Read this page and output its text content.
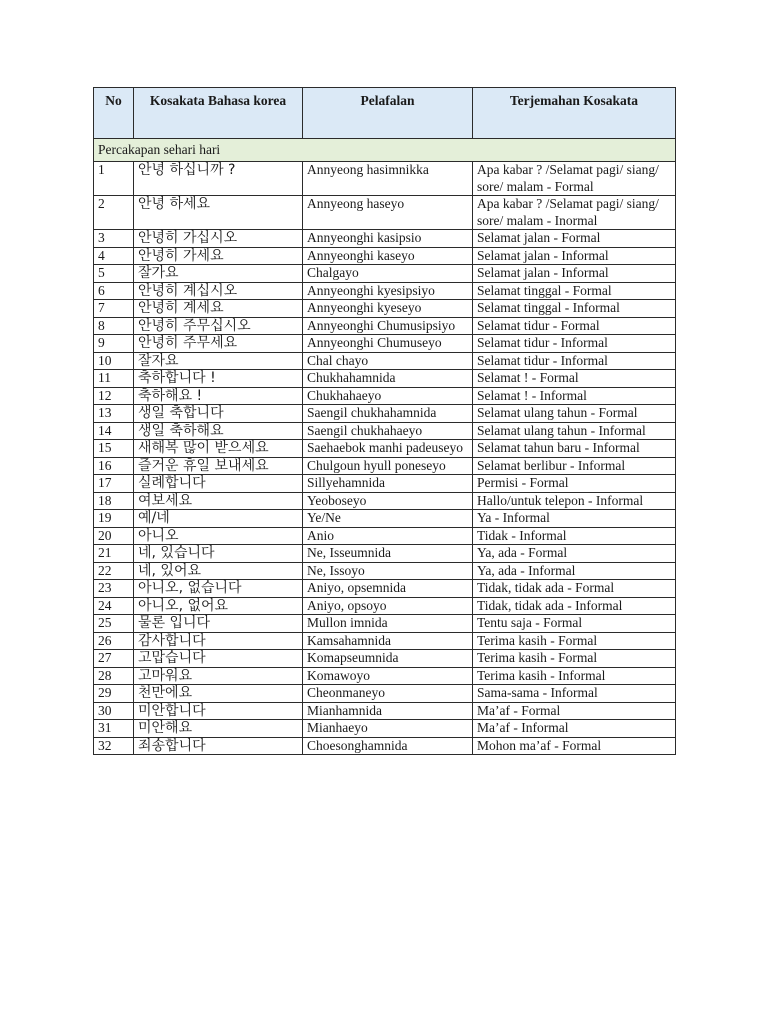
No	Kosakata Bahasa korea	Pelafalan	Terjemahan Kosakata
Percakapan sehari hari			
1	안녕 하십니까 ?	Annyeong hasimnikka	Apa kabar ? /Selamat pagi/ siang/ sore/ malam - Formal
2	안녕 하세요	Annyeong haseyo	Apa kabar ? /Selamat pagi/ siang/ sore/ malam - Inormal
3	안녕히 가십시오	Annyeonghi kasipsio	Selamat jalan - Formal
4	안녕히 가세요	Annyeonghi kaseyo	Selamat jalan - Informal
5	잘가요	Chalgayo	Selamat jalan - Informal
6	안녕히 계십시오	Annyeonghi kyesipsiyo	Selamat tinggal - Formal
7	안녕히 계세요	Annyeonghi kyeseyo	Selamat tinggal - Informal
8	안녕히 주무십시오	Annyeonghi Chumusipsiyo	Selamat tidur - Formal
9	안녕히 주무세요	Annyeonghi Chumuseyo	Selamat tidur - Informal
10	잘자요	Chal chayo	Selamat tidur - Informal
11	축하합니다 !	Chukhahamnida	Selamat ! - Formal
12	축하해요 !	Chukhahaeyo	Selamat ! - Informal
13	생일 축합니다	Saengil chukhahamnida	Selamat ulang tahun - Formal
14	생일 축하해요	Saengil chukhahaeyo	Selamat ulang tahun - Informal
15	새해복 많이 받으세요	Saehaebok manhi padeuseyo	Selamat tahun baru - Informal
16	즐거운 휴일 보내세요	Chulgoun hyull poneseyo	Selamat berlibur - Informal
17	실례합니다	Sillyehamnida	Permisi - Formal
18	여보세요	Yeoboseyo	Hallo/untuk telepon - Informal
19	예/네	Ye/Ne	Ya - Informal
20	아니오	Anio	Tidak - Informal
21	네, 있습니다	Ne, Isseumnida	Ya, ada - Formal
22	네, 있어요	Ne, Issoyo	Ya, ada - Informal
23	아니오, 없습니다	Aniyo, opsemnida	Tidak, tidak ada - Formal
24	아니오, 없어요	Aniyo, opsoyo	Tidak, tidak ada - Informal
25	물론 입니다	Mullon imnida	Tentu saja - Formal
26	감사합니다	Kamsahamnida	Terima kasih - Formal
27	고맙습니다	Komapseumnida	Terima kasih - Formal
28	고마워요	Komawoyo	Terima kasih - Informal
29	천만에요	Cheonmaneyo	Sama-sama - Informal
30	미안합니다	Mianhamnida	Ma’af - Formal
31	미안해요	Mianhaeyo	Ma’af - Informal
32	죄송합니다	Choesonghamnida	Mohon ma’af - Formal
